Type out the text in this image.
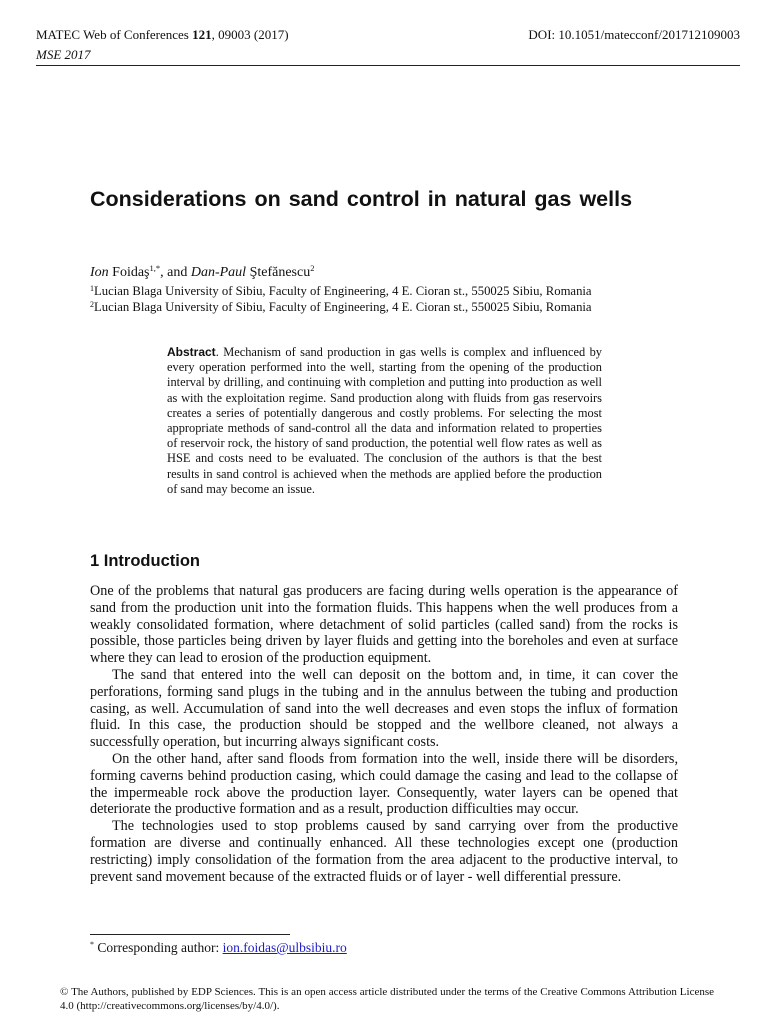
MATEC Web of Conferences 121, 09003 (2017)	DOI: 10.1051/matecconf/201712109003
MSE 2017
Considerations on sand control in natural gas wells
Ion Foidaş$^{1,*}$, and Dan-Paul Ştefănescu$^2$
$^1$Lucian Blaga University of Sibiu, Faculty of Engineering, 4 E. Cioran st., 550025 Sibiu, Romania
$^2$Lucian Blaga University of Sibiu, Faculty of Engineering, 4 E. Cioran st., 550025 Sibiu, Romania
Abstract. Mechanism of sand production in gas wells is complex and influenced by every operation performed into the well, starting from the opening of the production interval by drilling, and continuing with completion and putting into production as well as with the exploitation regime. Sand production along with fluids from gas reservoirs creates a series of potentially dangerous and costly problems. For selecting the most appropriate methods of sand-control all the data and information related to properties of reservoir rock, the history of sand production, the potential well flow rates as well as HSE and costs need to be evaluated. The conclusion of the authors is that the best results in sand control is achieved when the methods are applied before the production of sand may become an issue.
1 Introduction

One of the problems that natural gas producers are facing during wells operation is the appearance of sand from the production unit into the formation fluids. This happens when the well produces from a weakly consolidated formation, where detachment of solid particles (called sand) from the rocks is possible, those particles being driven by layer fluids and getting into the boreholes and even at surface where they can lead to erosion of the production equipment.

The sand that entered into the well can deposit on the bottom and, in time, it can cover the perforations, forming sand plugs in the tubing and in the annulus between the tubing and production casing, as well. Accumulation of sand into the well decreases and even stops the influx of formation fluid. In this case, the production should be stopped and the wellbore cleaned, not always a successfully operation, but incurring always significant costs.

On the other hand, after sand floods from formation into the well, inside there will be disorders, forming caverns behind production casing, which could damage the casing and lead to the collapse of the impermeable rock above the production layer. Consequently, water layers can be opened that deteriorate the productive formation and as a result, production difficulties may occur.

The technologies used to stop problems caused by sand carrying over from the productive formation are diverse and continually enhanced. All these technologies except one (production restricting) imply consolidation of the formation from the area adjacent to the productive interval, to prevent sand movement because of the extracted fluids or of layer - well differential pressure.

* Corresponding author: ion.foidas@ulbsibiu.ro
© The Authors, published by EDP Sciences. This is an open access article distributed under the terms of the Creative Commons Attribution License 4.0 (http://creativecommons.org/licenses/by/4.0/).
